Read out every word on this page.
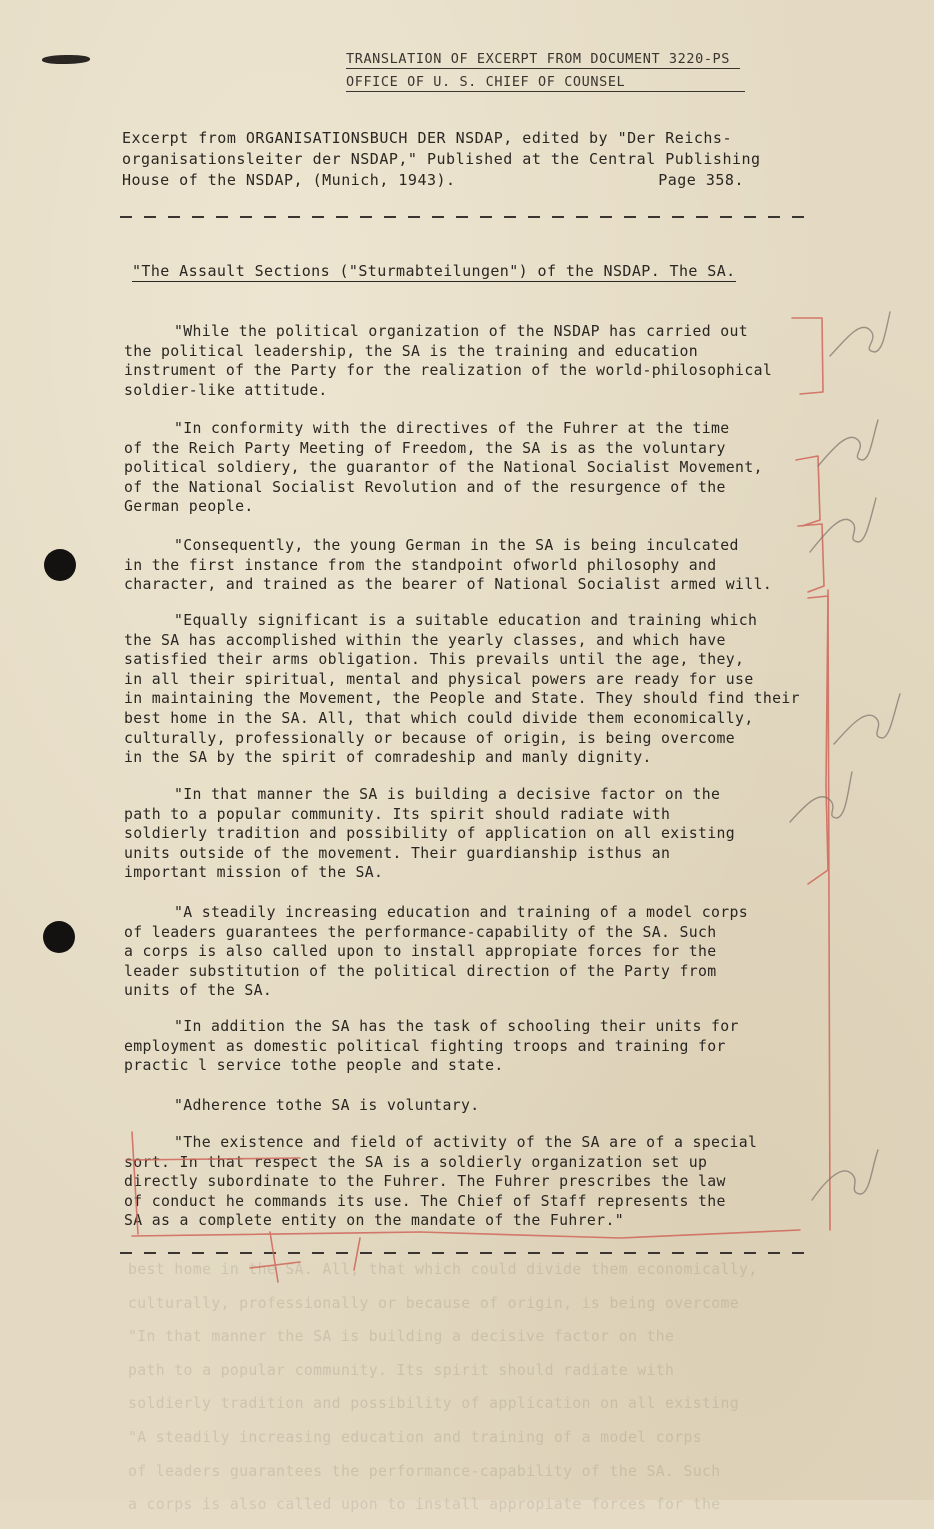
TRANSLATION OF EXCERPT FROM DOCUMENT 3220-PS
OFFICE OF U. S. CHIEF OF COUNSEL
Excerpt from ORGANISATIONSBUCH DER NSDAP, edited by "Der Reichs-
organisationsleiter der NSDAP," Published at the Central Publishing
House of the NSDAP, (Munich, 1943).	Page 358.
"The Assault Sections ("Sturmabteilungen") of the NSDAP. The SA.

"While the political organization of the NSDAP has carried out

the political leadership, the SA is the training and education

instrument of the Party for the realization of the world-philosophical

soldier-like attitude.

"In conformity with the directives of the Fuhrer at the time

of the Reich Party Meeting of Freedom, the SA is as the voluntary

political soldiery, the guarantor of the National Socialist Movement,

of the National Socialist Revolution and of the resurgence of the

German people.

"Consequently, the young German in the SA is being inculcated

in the first instance from the standpoint ofworld philosophy and

character, and trained as the bearer of National Socialist armed will.

"Equally significant is a suitable education and training which

the SA has accomplished within the yearly classes, and which have

satisfied their arms obligation. This prevails until the age, they,

in all their spiritual, mental and physical powers are ready for use

in maintaining the Movement, the People and State. They should find their

best home in the SA. All, that which could divide them economically,

culturally, professionally or because of origin, is being overcome

in the SA by the spirit of comradeship and manly dignity.

"In that manner the SA is building a decisive factor on the

path to a popular community. Its spirit should radiate with

soldierly tradition and possibility of application on all existing

units outside of the movement. Their guardianship isthus an

important mission of the SA.

"A steadily increasing education and training of a model corps

of leaders guarantees the performance-capability of the SA. Such

a corps is also called upon to install appropiate forces for the

leader substitution of the political direction of the Party from

units of the SA.

"In addition the SA has the task of schooling their units for

employment as domestic political fighting troops and training for

practic l service tothe people and state.

"Adherence tothe SA is voluntary.

"The existence and field of activity of the SA are of a special

sort. In that respect the SA is a soldierly organization set up

directly subordinate to the Fuhrer. The Fuhrer prescribes the law

of conduct he commands its use. The Chief of Staff represents the

SA as a complete entity on the mandate of the Fuhrer."

best home in the SA. All, that which could divide them economically,

culturally, professionally or because of origin, is being overcome

"In that manner the SA is building a decisive factor on the

path to a popular community. Its spirit should radiate with

soldierly tradition and possibility of application on all existing

"A steadily increasing education and training of a model corps

of leaders guarantees the performance-capability of the SA. Such

a corps is also called upon to install appropiate forces for the
